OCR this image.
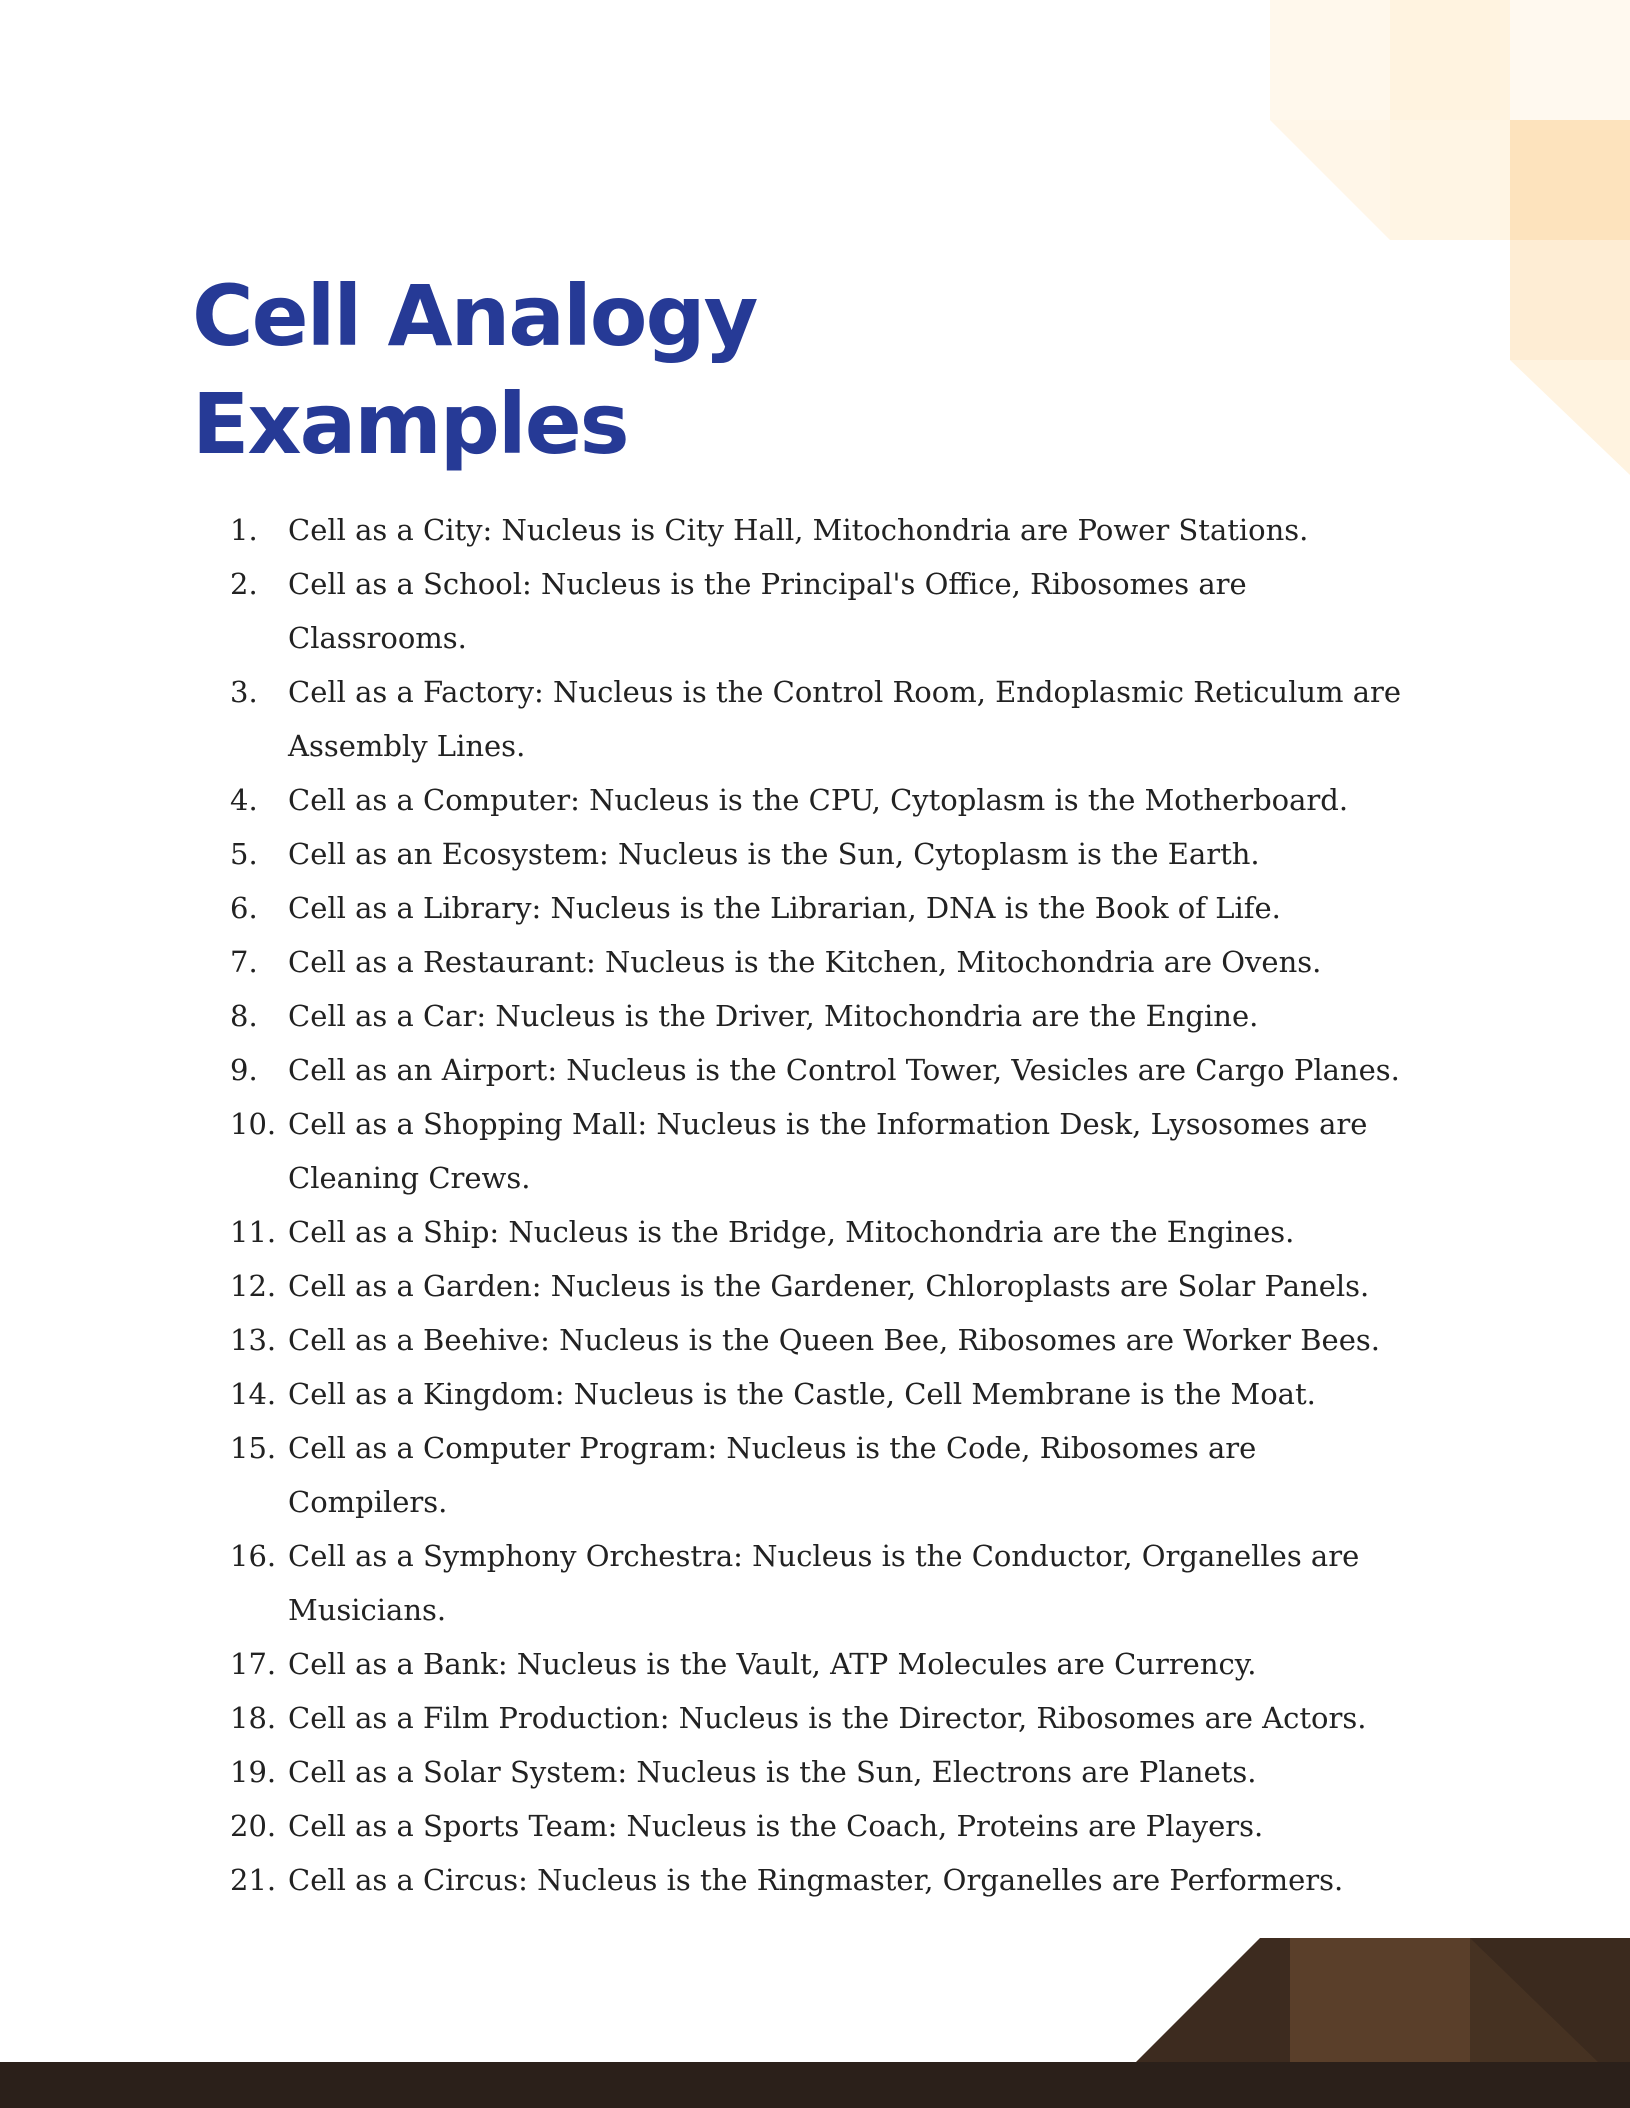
Cell Analogy
Examples
1.	Cell as a City: Nucleus is City Hall, Mitochondria are Power Stations.
2.	Cell as a School: Nucleus is the Principal's Office, Ribosomes are Classrooms.
3.	Cell as a Factory: Nucleus is the Control Room, Endoplasmic Reticulum are Assembly Lines.
4.	Cell as a Computer: Nucleus is the CPU, Cytoplasm is the Motherboard.
5.	Cell as an Ecosystem: Nucleus is the Sun, Cytoplasm is the Earth.
6.	Cell as a Library: Nucleus is the Librarian, DNA is the Book of Life.
7.	Cell as a Restaurant: Nucleus is the Kitchen, Mitochondria are Ovens.
8.	Cell as a Car: Nucleus is the Driver, Mitochondria are the Engine.
9.	Cell as an Airport: Nucleus is the Control Tower, Vesicles are Cargo Planes.
10. Cell as a Shopping Mall: Nucleus is the Information Desk, Lysosomes are Cleaning Crews.
11. Cell as a Ship: Nucleus is the Bridge, Mitochondria are the Engines.
12. Cell as a Garden: Nucleus is the Gardener, Chloroplasts are Solar Panels.
13. Cell as a Beehive: Nucleus is the Queen Bee, Ribosomes are Worker Bees.
14. Cell as a Kingdom: Nucleus is the Castle, Cell Membrane is the Moat.
15. Cell as a Computer Program: Nucleus is the Code, Ribosomes are Compilers.
16. Cell as a Symphony Orchestra: Nucleus is the Conductor, Organelles are Musicians.
17. Cell as a Bank: Nucleus is the Vault, ATP Molecules are Currency.
18. Cell as a Film Production: Nucleus is the Director, Ribosomes are Actors.
19. Cell as a Solar System: Nucleus is the Sun, Electrons are Planets.
20. Cell as a Sports Team: Nucleus is the Coach, Proteins are Players.
21. Cell as a Circus: Nucleus is the Ringmaster, Organelles are Performers.
